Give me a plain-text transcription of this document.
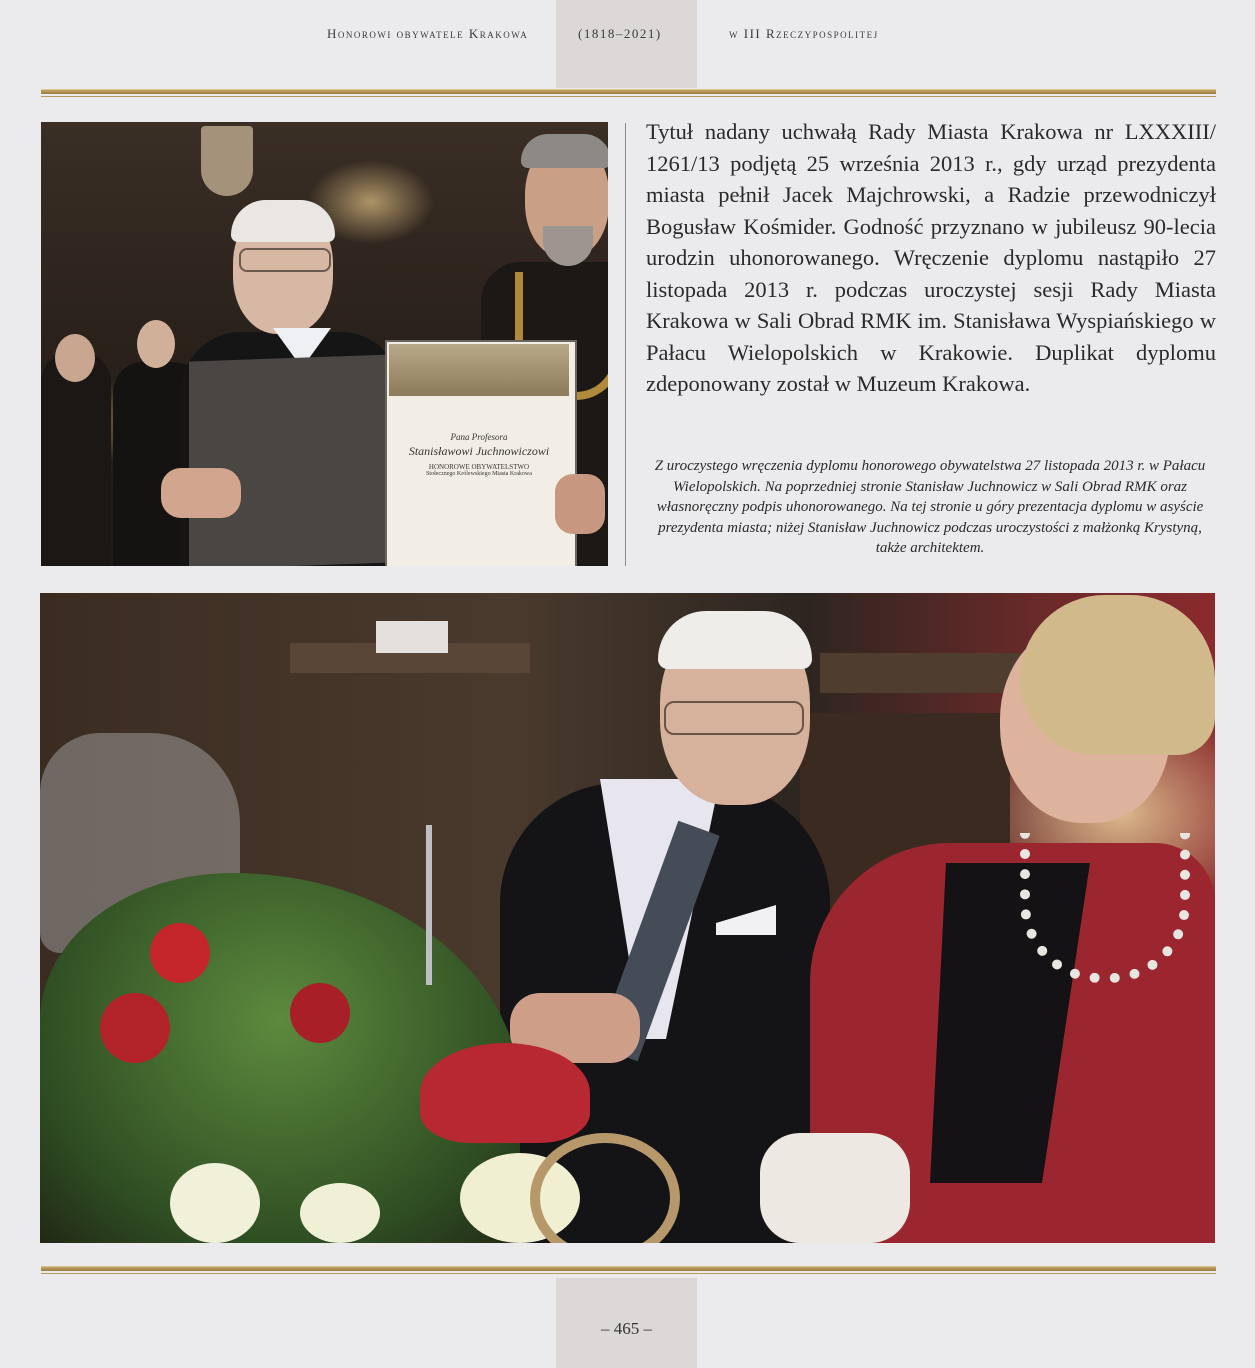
Honorowi obywatele Krakowa	(1818–2021)	w III Rzeczypospolitej
Pana Profesora
Stanisławowi Juchnowiczowi
HONOROWE OBYWATELSTWO
Stołecznego Królewskiego Miasta Krakowa

Tytuł nadany uchwałą Rady Miasta Krakowa nr LXXXIII/ 1261/13 podjętą 25 września 2013 r., gdy urząd prezydenta miasta pełnił Jacek Majchrowski, a Radzie przewodniczył Bogusław Kośmider. Godność przyznano w jubileusz 90-lecia urodzin uhonorowanego. Wręczenie dyplomu nastąpiło 27 listopada 2013 r. podczas uroczystej sesji Rady Miasta Krakowa w Sali Obrad RMK im. Stanisława Wyspiańskiego w Pałacu Wielopolskich w Krakowie. Duplikat dyplomu zdeponowany został w Muzeum Krakowa.

Z uroczystego wręczenia dyplomu honorowego obywatelstwa 27 listopada 2013 r. w Pałacu Wielopolskich. Na poprzedniej stronie Stanisław Juchnowicz w Sali Obrad RMK oraz własnoręczny podpis uhonorowanego. Na tej stronie u góry prezentacja dyplomu w asyście prezydenta miasta; niżej Stanisław Juchnowicz podczas uroczystości z małżonką Krystyną, także architektem.

– 465 –
